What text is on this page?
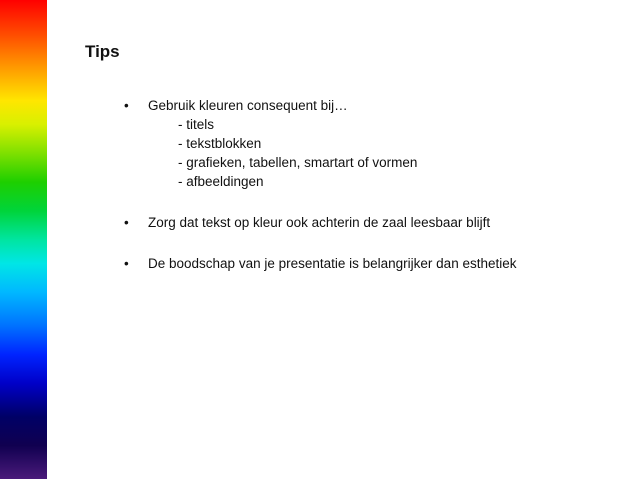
Tips
•	Gebruik kleuren consequent bij…
- titels
- tekstblokken
- grafieken, tabellen, smartart of vormen
- afbeeldingen
•	Zorg dat tekst op kleur ook achterin de zaal leesbaar blijft
•	De boodschap van je presentatie is belangrijker dan esthetiek
